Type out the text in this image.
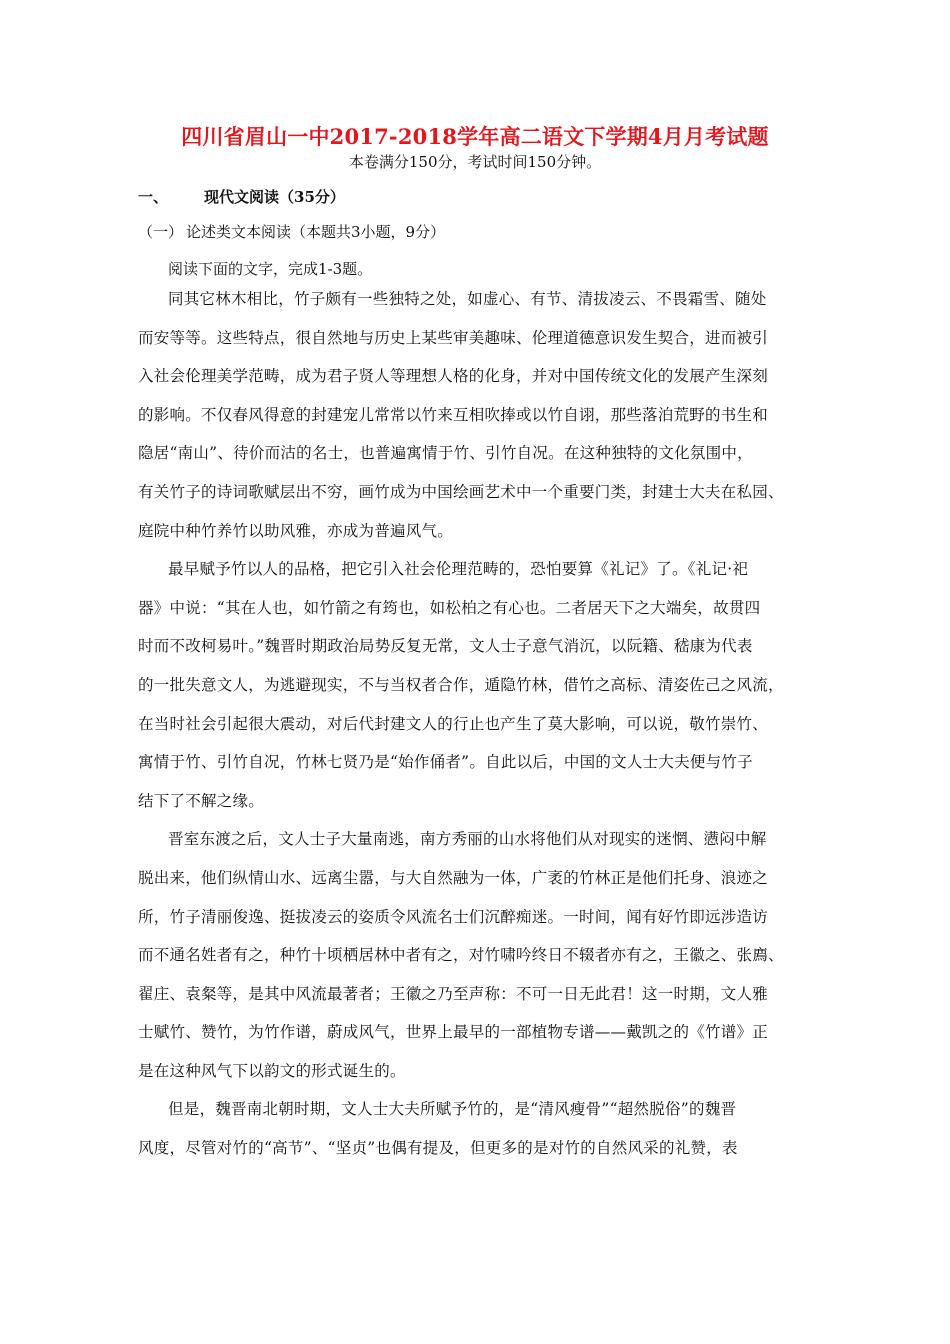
四川省眉山一中2017-2018学年高二语文下学期4月月考试题
本卷满分150分，考试时间150分钟。
一、 现代文阅读（35分）
（一） 论述类文本阅读（本题共3小题，9分）
阅读下面的文字，完成1-3题。
同其它林木相比，竹子颇有一些独特之处，如虚心、有节、清拔凌云、不畏霜雪、随处
而安等等。这些特点，很自然地与历史上某些审美趣味、伦理道德意识发生契合，进而被引
入社会伦理美学范畴，成为君子贤人等理想人格的化身，并对中国传统文化的发展产生深刻
的影响。不仅春风得意的封建宠儿常常以竹来互相吹捧或以竹自诩，那些落泊荒野的书生和
隐居“南山”、待价而沽的名士，也普遍寓情于竹、引竹自况。在这种独特的文化氛围中，
有关竹子的诗词歌赋层出不穷，画竹成为中国绘画艺术中一个重要门类，封建士大夫在私园、
庭院中种竹养竹以助风雅，亦成为普遍风气。
最早赋予竹以人的品格，把它引入社会伦理范畴的，恐怕要算《礼记》了。《礼记·祀
器》中说：“其在人也，如竹箭之有筠也，如松柏之有心也。二者居天下之大端矣，故贯四
时而不改柯易叶。”魏晋时期政治局势反复无常，文人士子意气消沉，以阮籍、嵇康为代表
的一批失意文人，为逃避现实，不与当权者合作，遁隐竹林，借竹之高标、清姿佐己之风流，
在当时社会引起很大震动，对后代封建文人的行止也产生了莫大影响，可以说，敬竹崇竹、
寓情于竹、引竹自况，竹林七贤乃是“始作俑者”。自此以后，中国的文人士大夫便与竹子
结下了不解之缘。
晋室东渡之后，文人士子大量南逃，南方秀丽的山水将他们从对现实的迷惘、懑闷中解
脱出来，他们纵情山水、远离尘嚣，与大自然融为一体，广袤的竹林正是他们托身、浪迹之
所，竹子清丽俊逸、挺拔凌云的姿质令风流名士们沉醉痴迷。一时间，闻有好竹即远涉造访
而不通名姓者有之，种竹十顷栖居林中者有之，对竹啸吟终日不辍者亦有之，王徽之、张廌、
翟庄、袁粲等，是其中风流最著者；王徽之乃至声称：不可一日无此君！这一时期，文人雅
士赋竹、赞竹，为竹作谱，蔚成风气，世界上最早的一部植物专谱——戴凯之的《竹谱》正
是在这种风气下以韵文的形式诞生的。
但是，魏晋南北朝时期，文人士大夫所赋予竹的，是“清风瘦骨”“超然脱俗”的魏晋
风度，尽管对竹的“高节”、“坚贞”也偶有提及，但更多的是对竹的自然风采的礼赞，表
